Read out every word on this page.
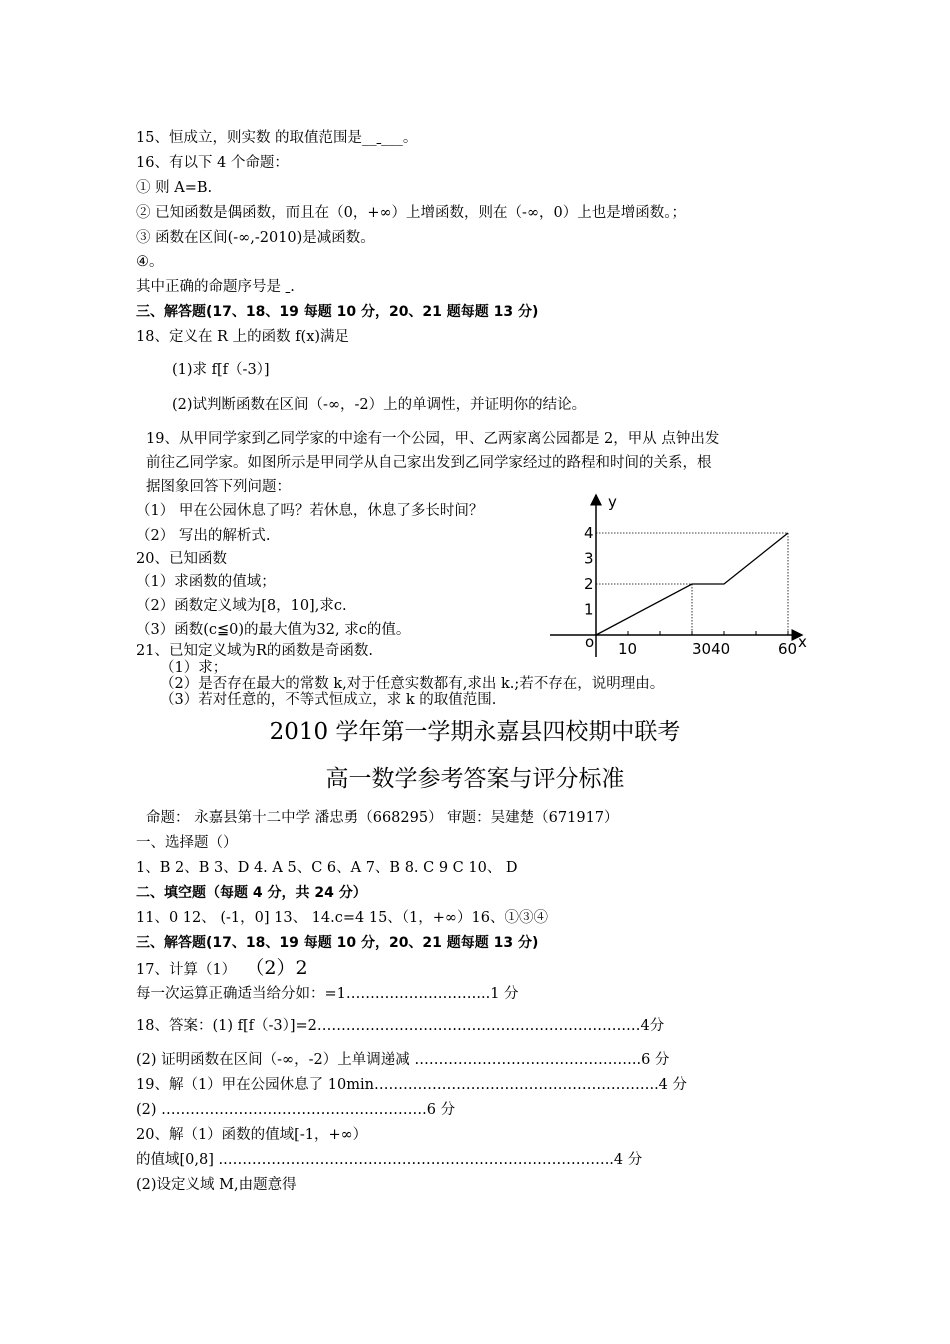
15、恒成立，则实数 的取值范围是__ ___。
16、有以下 4 个命题：
① 则 A=B.
② 已知函数是偶函数，而且在（0，+∞）上增函数，则在（-∞，0）上也是增函数。；
③ 函数在区间(-∞,-2010)是减函数。
④。
其中正确的命题序号是 .
三、解答题(17、18、19 每题 10 分，20、21 题每题 13 分)
18、定义在 R 上的函数 f(x)满足
(1)求 f[f（-3）]
(2)试判断函数在区间（-∞，-2）上的单调性，并证明你的结论。
19、从甲同学家到乙同学家的中途有一个公园，甲、乙两家离公园都是 2，甲从 点钟出发
前往乙同学家。如图所示是甲同学从自己家出发到乙同学家经过的路程和时间的关系，根
据图象回答下列问题：
（1） 甲在公园休息了吗？若休息，休息了多长时间？
（2） 写出的解析式.
20、已知函数
（1）求函数的值域；
（2）函数定义域为[8，10],求c.
（3）函数(c≦0)的最大值为32, 求c的值。
21、已知定义域为R的函数是奇函数.
（1）求；
（2）是否存在最大的常数 k,对于任意实数都有,求出 k.;若不存在，说明理由。
（3）若对任意的，不等式恒成立，求 k 的取值范围.
y
x
o
1
2
3
4
10	3040	60
2010 学年第一学期永嘉县四校期中联考
高一数学参考答案与评分标准
命题： 永嘉县第十二中学 潘忠勇（668295） 审题：吴建楚（671917）
一、选择题（）
1、B 2、B 3、D 4. A 5、C 6、A 7、B 8. C 9 C 10、 D
二、填空题（每题 4 分，共 24 分）
11、0 12、 (-1，0] 13、 14.c=4 15、（1，+∞）16、①③④
三、解答题(17、18、19 每题 10 分，20、21 题每题 13 分)
17、计算（1） （2）2
每一次运算正确适当给分如：=1………………………...1 分
18、答案：(1) f[f（-3）]=2……………………………………………………….…4分
(2) 证明函数在区间（-∞，-2）上单调递减 ………………………………………..6 分
19、解（1）甲在公园休息了 10min…………………………………………………..4 分
(2) ……………………………………………….6 分
20、解（1）函数的值域[-1，+∞）
的值域[0,8] ..……………………………………………………………………..4 分
(2)设定义域 M,由题意得
